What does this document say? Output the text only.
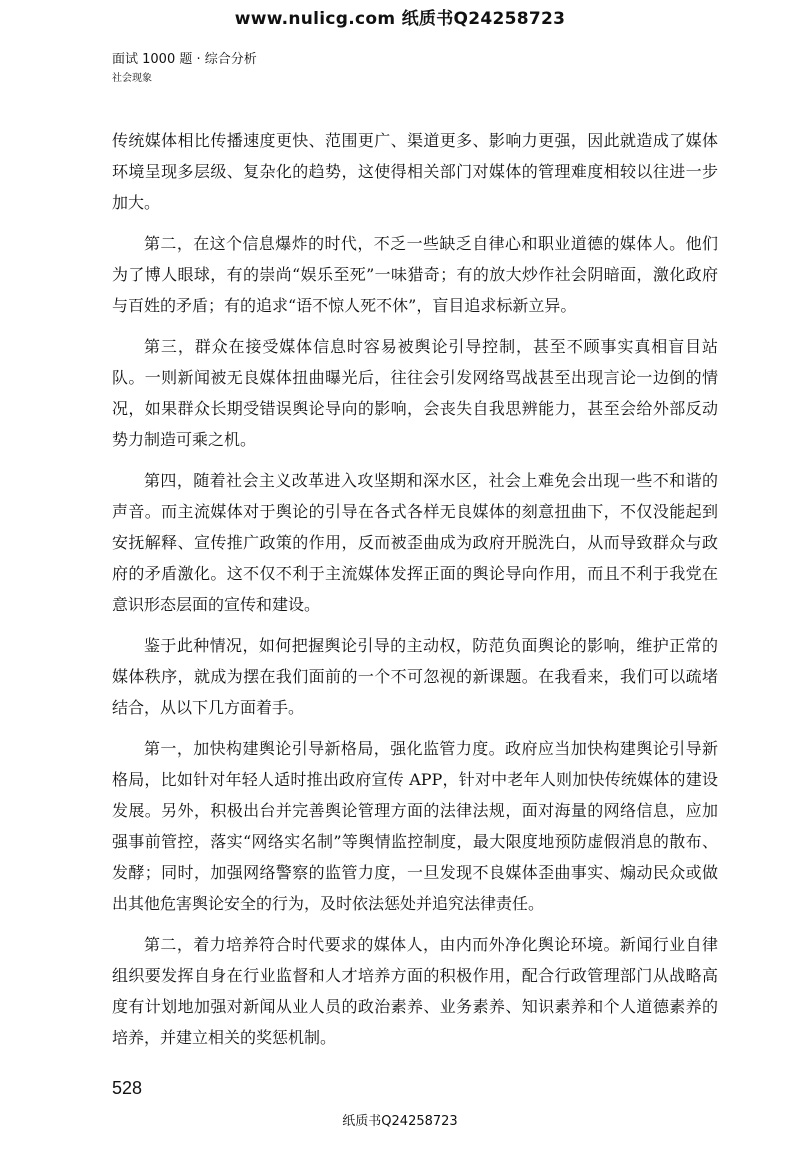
www.nulicg.com 纸质书Q24258723
面试 1000 题 · 综合分析
社会现象

传统媒体相比传播速度更快、范围更广、渠道更多、影响力更强，因此就造成了媒体环境呈现多层级、复杂化的趋势，这使得相关部门对媒体的管理难度相较以往进一步加大。

第二，在这个信息爆炸的时代，不乏一些缺乏自律心和职业道德的媒体人。他们为了博人眼球，有的崇尚“娱乐至死”一味猎奇；有的放大炒作社会阴暗面，激化政府与百姓的矛盾；有的追求“语不惊人死不休”，盲目追求标新立异。

第三，群众在接受媒体信息时容易被舆论引导控制，甚至不顾事实真相盲目站队。一则新闻被无良媒体扭曲曝光后，往往会引发网络骂战甚至出现言论一边倒的情况，如果群众长期受错误舆论导向的影响，会丧失自我思辨能力，甚至会给外部反动势力制造可乘之机。

第四，随着社会主义改革进入攻坚期和深水区，社会上难免会出现一些不和谐的声音。而主流媒体对于舆论的引导在各式各样无良媒体的刻意扭曲下，不仅没能起到安抚解释、宣传推广政策的作用，反而被歪曲成为政府开脱洗白，从而导致群众与政府的矛盾激化。这不仅不利于主流媒体发挥正面的舆论导向作用，而且不利于我党在意识形态层面的宣传和建设。

鉴于此种情况，如何把握舆论引导的主动权，防范负面舆论的影响，维护正常的媒体秩序，就成为摆在我们面前的一个不可忽视的新课题。在我看来，我们可以疏堵结合，从以下几方面着手。

第一，加快构建舆论引导新格局，强化监管力度。政府应当加快构建舆论引导新格局，比如针对年轻人适时推出政府宣传 APP，针对中老年人则加快传统媒体的建设发展。另外，积极出台并完善舆论管理方面的法律法规，面对海量的网络信息，应加强事前管控，落实“网络实名制”等舆情监控制度，最大限度地预防虚假消息的散布、发酵；同时，加强网络警察的监管力度，一旦发现不良媒体歪曲事实、煽动民众或做出其他危害舆论安全的行为，及时依法惩处并追究法律责任。

第二，着力培养符合时代要求的媒体人，由内而外净化舆论环境。新闻行业自律组织要发挥自身在行业监督和人才培养方面的积极作用，配合行政管理部门从战略高度有计划地加强对新闻从业人员的政治素养、业务素养、知识素养和个人道德素养的培养，并建立相关的奖惩机制。

528
纸质书Q24258723
